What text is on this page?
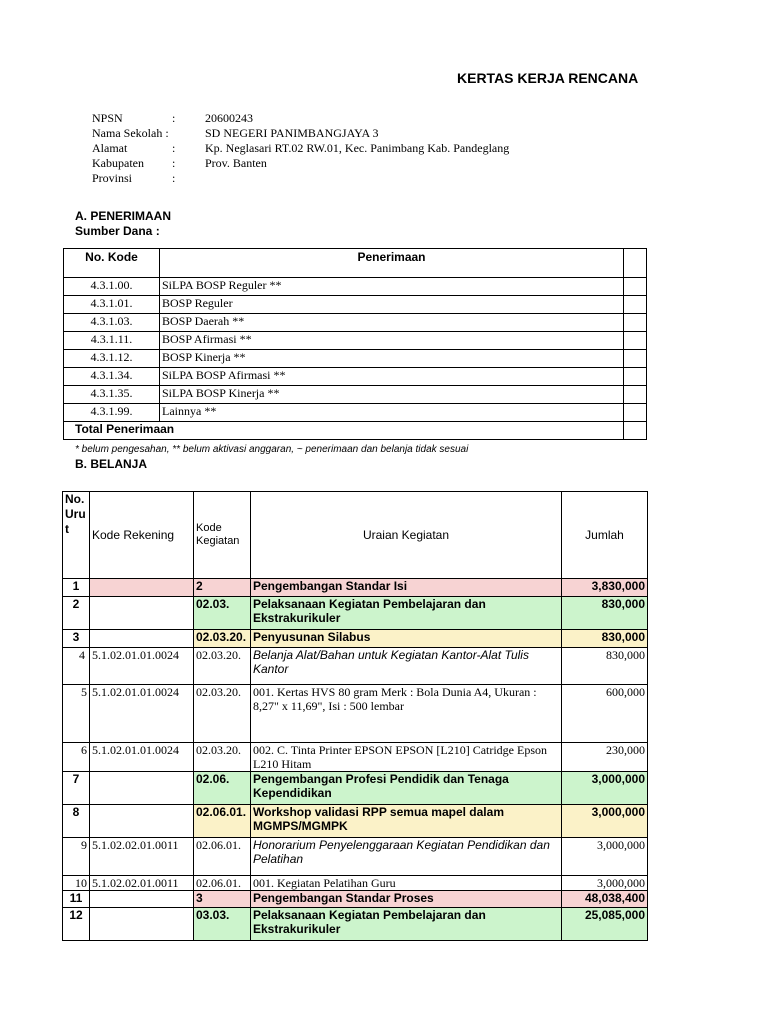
KERTAS KERJA RENCANA
NPSN	: 20600243
Nama Sekolah :	SD NEGERI PANIMBANGJAYA 3
Alamat	: Kp. Neglasari RT.02 RW.01, Kec. Panimbang Kab. Pandeglang
Kabupaten : Prov. Banten
Provinsi	:
A. PENERIMAAN
Sumber Dana :
No. Kode	Penerimaan	
4.3.1.00.	SiLPA BOSP Reguler **	
4.3.1.01.	BOSP Reguler	
4.3.1.03.	BOSP Daerah **	
4.3.1.11.	BOSP Afirmasi **	
4.3.1.12.	BOSP Kinerja **	
4.3.1.34.	SiLPA BOSP Afirmasi **	
4.3.1.35.	SiLPA BOSP Kinerja **	
4.3.1.99.	Lainnya **	
Total Penerimaan		
* belum pengesahan, ** belum aktivasi anggaran, ~ penerimaan dan belanja tidak sesuai
B. BELANJA
No. Urut	Kode Rekening	Kode Kegiatan	Uraian Kegiatan	Jumlah
1		2	Pengembangan Standar Isi	3,830,000
2		02.03.	Pelaksanaan Kegiatan Pembelajaran dan Ekstrakurikuler	830,000
3		02.03.20.	Penyusunan Silabus	830,000
4	5.1.02.01.01.0024	02.03.20.	Belanja Alat/Bahan untuk Kegiatan Kantor-Alat Tulis Kantor	830,000
5	5.1.02.01.01.0024	02.03.20.	001. Kertas HVS 80 gram Merk : Bola Dunia A4, Ukuran : 8,27" x 11,69", Isi : 500 lembar	600,000
6	5.1.02.01.01.0024	02.03.20.	002. C. Tinta Printer EPSON EPSON [L210] Catridge Epson L210 Hitam	230,000
7		02.06.	Pengembangan Profesi Pendidik dan Tenaga Kependidikan	3,000,000
8		02.06.01.	Workshop validasi RPP semua mapel dalam MGMPS/MGMPK	3,000,000
9	5.1.02.02.01.0011	02.06.01.	Honorarium Penyelenggaraan Kegiatan Pendidikan dan Pelatihan	3,000,000
10	5.1.02.02.01.0011	02.06.01.	001. Kegiatan Pelatihan Guru	3,000,000
11		3	Pengembangan Standar Proses	48,038,400
12		03.03.	Pelaksanaan Kegiatan Pembelajaran dan Ekstrakurikuler	25,085,000
